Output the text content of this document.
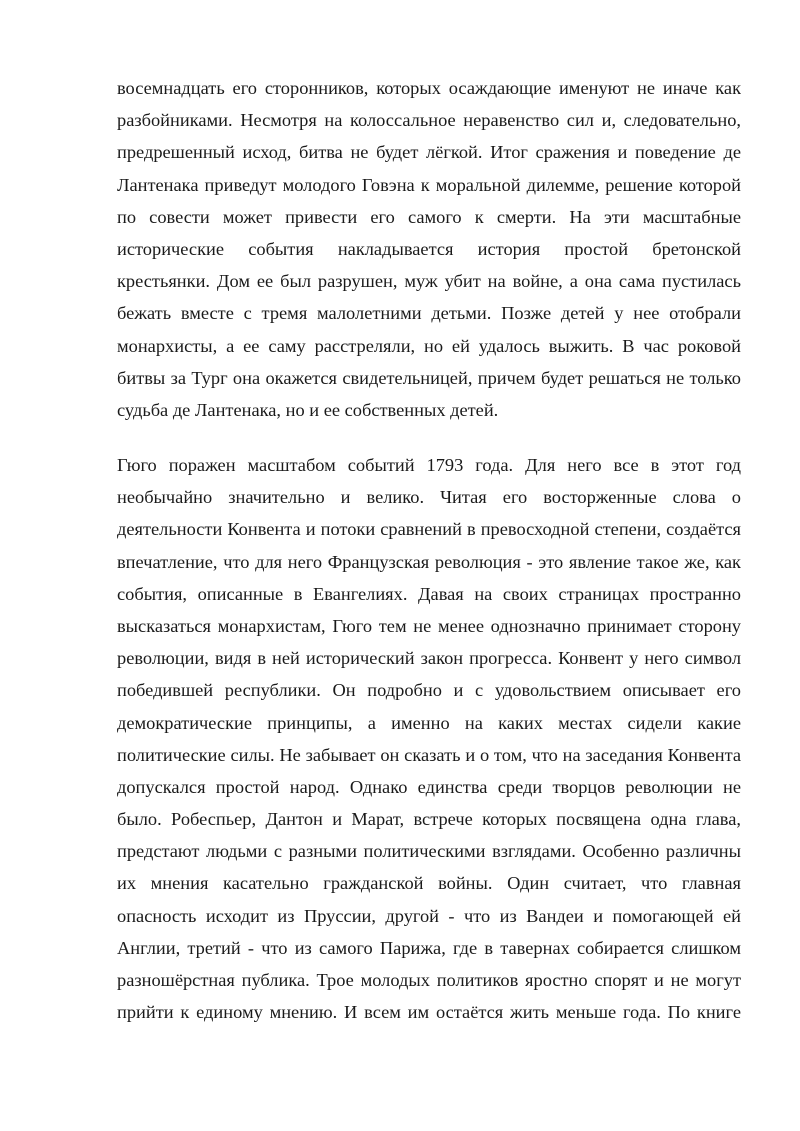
восемнадцать его сторонников, которых осаждающие именуют не иначе как
разбойниками. Несмотря на колоссальное неравенство сил и, следовательно,
предрешенный исход, битва не будет лёгкой. Итог сражения и поведение де
Лантенака приведут молодого Говэна к моральной дилемме, решение которой
по совести может привести его самого к смерти. На эти масштабные
исторические события накладывается история простой бретонской
крестьянки. Дом ее был разрушен, муж убит на войне, а она сама пустилась
бежать вместе с тремя малолетними детьми. Позже детей у нее отобрали
монархисты, а ее саму расстреляли, но ей удалось выжить. В час роковой
битвы за Тург она окажется свидетельницей, причем будет решаться не только
судьба де Лантенака, но и ее собственных детей.
Гюго поражен масштабом событий 1793 года. Для него все в этот год
необычайно значительно и велико. Читая его восторженные слова о
деятельности Конвента и потоки сравнений в превосходной степени, создаётся
впечатление, что для него Французская революция - это явление такое же, как
события, описанные в Евангелиях. Давая на своих страницах пространно
высказаться монархистам, Гюго тем не менее однозначно принимает сторону
революции, видя в ней исторический закон прогресса. Конвент у него символ
победившей республики. Он подробно и с удовольствием описывает его
демократические принципы, а именно на каких местах сидели какие
политические силы. Не забывает он сказать и о том, что на заседания Конвента
допускался простой народ. Однако единства среди творцов революции не
было. Робеспьер, Дантон и Марат, встрече которых посвящена одна глава,
предстают людьми с разными политическими взглядами. Особенно различны
их мнения касательно гражданской войны. Один считает, что главная
опасность исходит из Пруссии, другой - что из Вандеи и помогающей ей
Англии, третий - что из самого Парижа, где в тавернах собирается слишком
разношёрстная публика. Трое молодых политиков яростно спорят и не могут
прийти к единому мнению. И всем им остаётся жить меньше года. По книге
